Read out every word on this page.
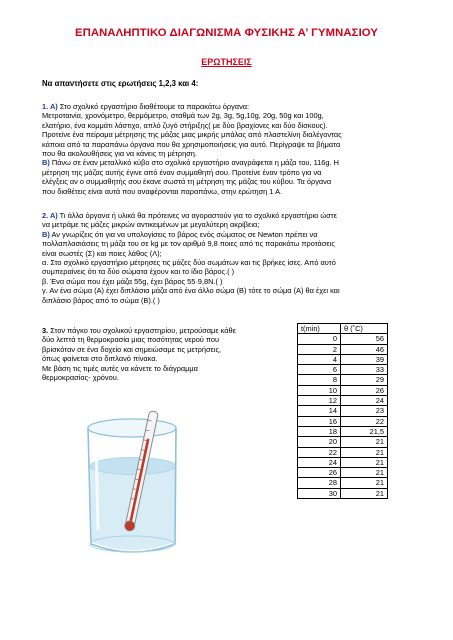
ΕΠΑΝΑΛΗΠΤΙΚΟ ΔΙΑΓΩΝΙΣΜΑ ΦΥΣΙΚΗΣ Α’ ΓΥΜΝΑΣΙΟΥ
ΕΡΩΤΗΣΕΙΣ
Να απαντήσετε στις ερωτήσεις 1,2,3 και 4:
1. Α) Στο σχολικό εργαστήριο διαθέτουμε τα παρακάτω όργανα:
Μετροταινία, χρονόμετρο, θερμόμετρο, σταθμά των 2g, 3g, 5g,10g, 20g, 50g και 100g,
ελατήριο, ένα κομμάτι λάστιχο, απλό ζυγό στήριξης( με δύο βραχίονες και δύο δίσκους).
Προτείνε ένα πείραμα μέτρησης της μάζας μιας μικρής μπάλας από πλαστελίνη διαλέγοντας
κάποια από τα παραπάνω όργανα που θα χρησιμοποιήσεις για αυτό. Περίγραψε τα βήματα
που θα ακολουθήσεις για να κάνεις τη μέτρηση.
Β) Πάνω σε έναν μεταλλικό κύβο στο σχολικό εργαστήριο αναγράφεται η μάζα του, 116g. Η
μέτρηση της μάζας αυτής έγινε από έναν συμμαθητή σου. Προτείνε έναν τρόπο για να
ελέγξεις αν ο συμμαθητής σου έκανε σωστά τη μέτρηση της μάζας του κύβου. Τα όργανα
που διαθέτεις είναι αυτά που αναφέρονται παραπάνω, στην ερώτηση 1 Α.
2. Α) Τι άλλα όργανα ή υλικά θα πρότεινες να αγοραστούν για το σχολικό εργαστήριο ώστε
να μετράμε τις μάζες μικρών αντικειμένων με μεγαλύτερη ακρίβεια;
Β) Αν γνωρίζεις ότι για να υπολογίσεις το βάρος ενός σώματος σε Newton πρέπει να
πολλαπλασιάσεις τη μάζα του σε kg με τον αριθμό 9,8 ποιες από τις παρακάτω προτάσεις
είναι σωστές (Σ) και ποιες λάθος (Λ);
α. Στο σχολικό εργαστήριο μέτρησες τις μάζες δύο σωμάτων και τις βρήκες ίσες. Από αυτό
συμπεραίνεις ότι τα δύο σώματα έχουν και το ίδιο βάρος.( )
β. Ένα σώμα που έχει μάζα 55g, έχει βάρος 55·9,8Ν.( )
γ. Αν ένα σώμα (Α) έχει διπλάσια μάζα από ένα άλλο σώμα (Β) τότε το σώμα (Α) θα έχει και
διπλάσιο βάρος από το σώμα (Β).( )
3. Στον πάγκο του σχολικού εργαστηρίου, μετρούσαμε κάθε
δύο λεπτά τη θερμοκρασία μιας ποσότητας νερού που
βρίσκόταν σε ένα δοχείο και σημειώσαμε τις μετρήσεις,
όπως φαίνεται στο διπλανό πίνακα.
Με βάση τις τιμές αυτές να κάνετε το διάγραμμα
θερμοκρασίας- χρόνου.
t(min)	θ (˚C)
0	56
2	46
4	39
6	33
8	29
10	26
12	24
14	23
16	22
18	21,5
20	21
22	21
24	21
26	21
28	21
30	21
